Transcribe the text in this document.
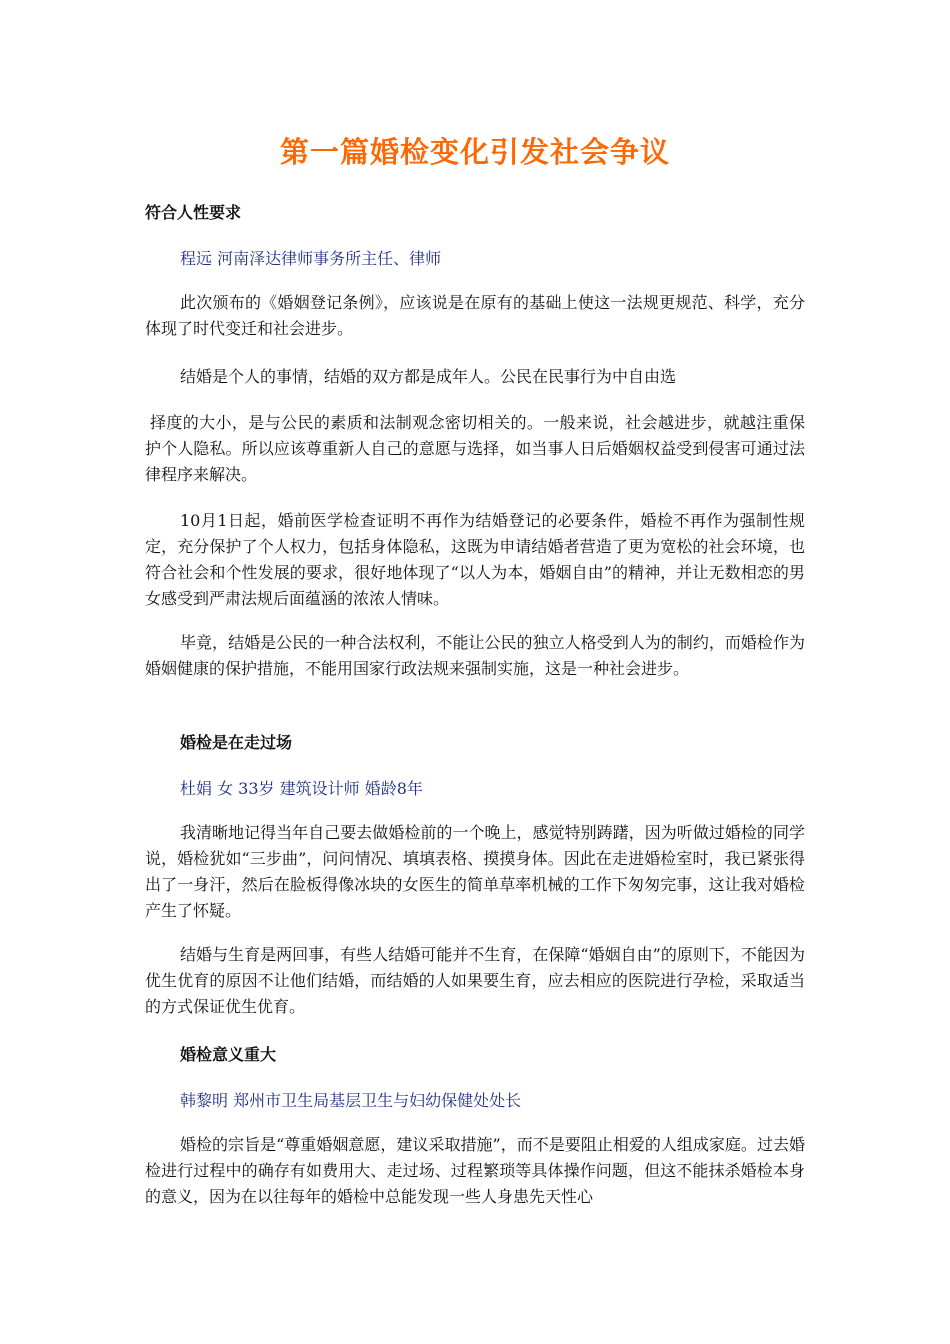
第一篇婚检变化引发社会争议
符合人性要求
程远 河南泽达律师事务所主任、律师
此次颁布的《婚姻登记条例》，应该说是在原有的基础上使这一法规更规范、科学，充分体现了时代变迁和社会进步。
结婚是个人的事情，结婚的双方都是成年人。公民在民事行为中自由选
择度的大小，是与公民的素质和法制观念密切相关的。一般来说，社会越进步，就越注重保护个人隐私。所以应该尊重新人自己的意愿与选择，如当事人日后婚姻权益受到侵害可通过法律程序来解决。
10月1日起，婚前医学检查证明不再作为结婚登记的必要条件，婚检不再作为强制性规定，充分保护了个人权力，包括身体隐私，这既为申请结婚者营造了更为宽松的社会环境，也符合社会和个性发展的要求，很好地体现了“以人为本，婚姻自由”的精神，并让无数相恋的男女感受到严肃法规后面蕴涵的浓浓人情味。
毕竟，结婚是公民的一种合法权利，不能让公民的独立人格受到人为的制约，而婚检作为婚姻健康的保护措施，不能用国家行政法规来强制实施，这是一种社会进步。
婚检是在走过场
杜娟 女 33岁 建筑设计师 婚龄8年
我清晰地记得当年自己要去做婚检前的一个晚上，感觉特别踌躇，因为听做过婚检的同学说，婚检犹如“三步曲”，问问情况、填填表格、摸摸身体。因此在走进婚检室时，我已紧张得出了一身汗，然后在脸板得像冰块的女医生的简单草率机械的工作下匆匆完事，这让我对婚检产生了怀疑。
结婚与生育是两回事，有些人结婚可能并不生育，在保障“婚姻自由”的原则下，不能因为优生优育的原因不让他们结婚，而结婚的人如果要生育，应去相应的医院进行孕检，采取适当的方式保证优生优育。
婚检意义重大
韩黎明 郑州市卫生局基层卫生与妇幼保健处处长
婚检的宗旨是“尊重婚姻意愿，建议采取措施”，而不是要阻止相爱的人组成家庭。过去婚检进行过程中的确存有如费用大、走过场、过程繁琐等具体操作问题，但这不能抹杀婚检本身的意义，因为在以往每年的婚检中总能发现一些人身患先天性心
